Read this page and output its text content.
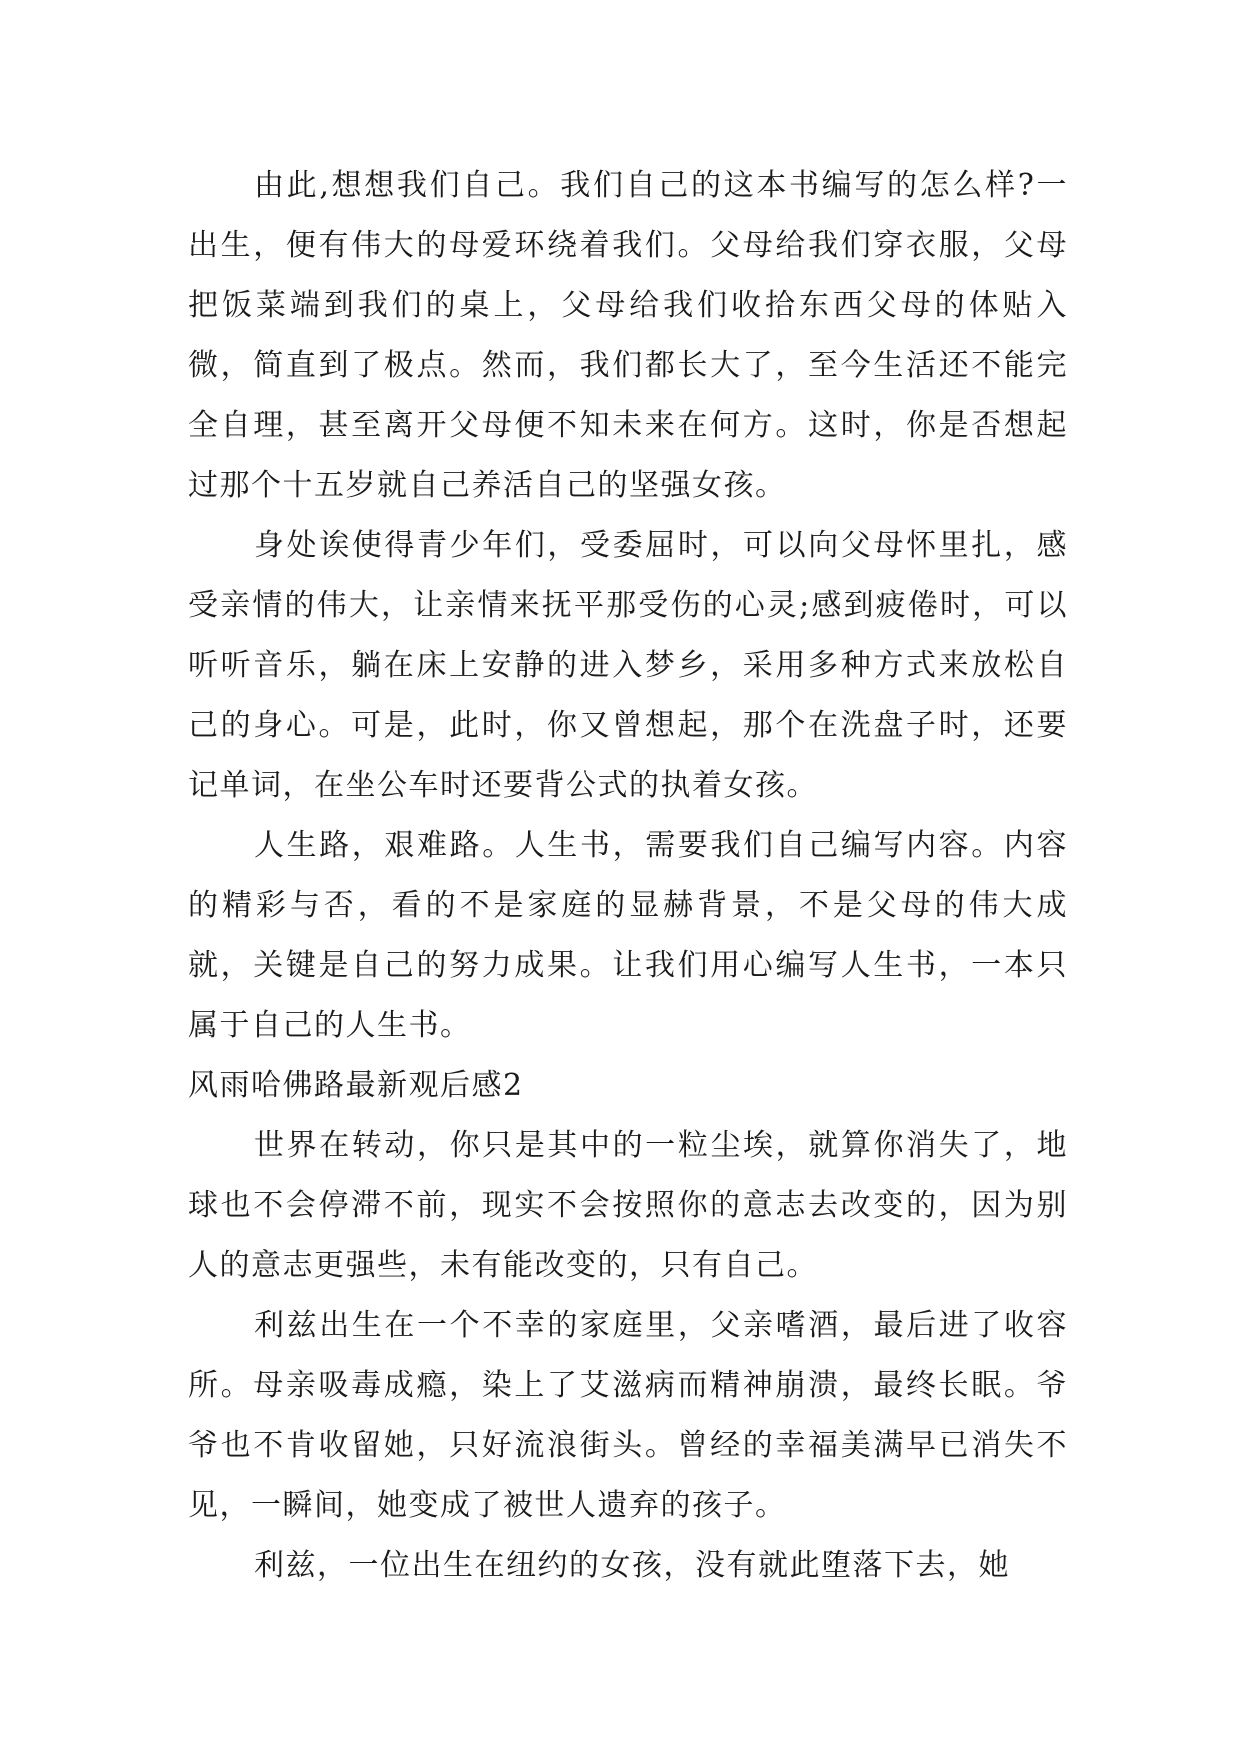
由此,想想我们自己。我们自己的这本书编写的怎么样?一出生，便有伟大的母爱环绕着我们。父母给我们穿衣服，父母把饭菜端到我们的桌上，父母给我们收拾东西父母的体贴入微，简直到了极点。然而，我们都长大了，至今生活还不能完全自理，甚至离开父母便不知未来在何方。这时，你是否想起过那个十五岁就自己养活自己的坚强女孩。

身处诶使得青少年们，受委屈时，可以向父母怀里扎，感受亲情的伟大，让亲情来抚平那受伤的心灵;感到疲倦时，可以听听音乐，躺在床上安静的进入梦乡，采用多种方式来放松自己的身心。可是，此时，你又曾想起，那个在洗盘子时，还要记单词，在坐公车时还要背公式的执着女孩。

人生路，艰难路。人生书，需要我们自己编写内容。内容的精彩与否，看的不是家庭的显赫背景，不是父母的伟大成就，关键是自己的努力成果。让我们用心编写人生书，一本只属于自己的人生书。

风雨哈佛路最新观后感2

世界在转动，你只是其中的一粒尘埃，就算你消失了，地球也不会停滞不前，现实不会按照你的意志去改变的，因为别人的意志更强些，未有能改变的，只有自己。

利兹出生在一个不幸的家庭里，父亲嗜酒，最后进了收容所。母亲吸毒成瘾，染上了艾滋病而精神崩溃，最终长眠。爷爷也不肯收留她，只好流浪街头。曾经的幸福美满早已消失不见，一瞬间，她变成了被世人遗弃的孩子。

利兹，一位出生在纽约的女孩，没有就此堕落下去，她
